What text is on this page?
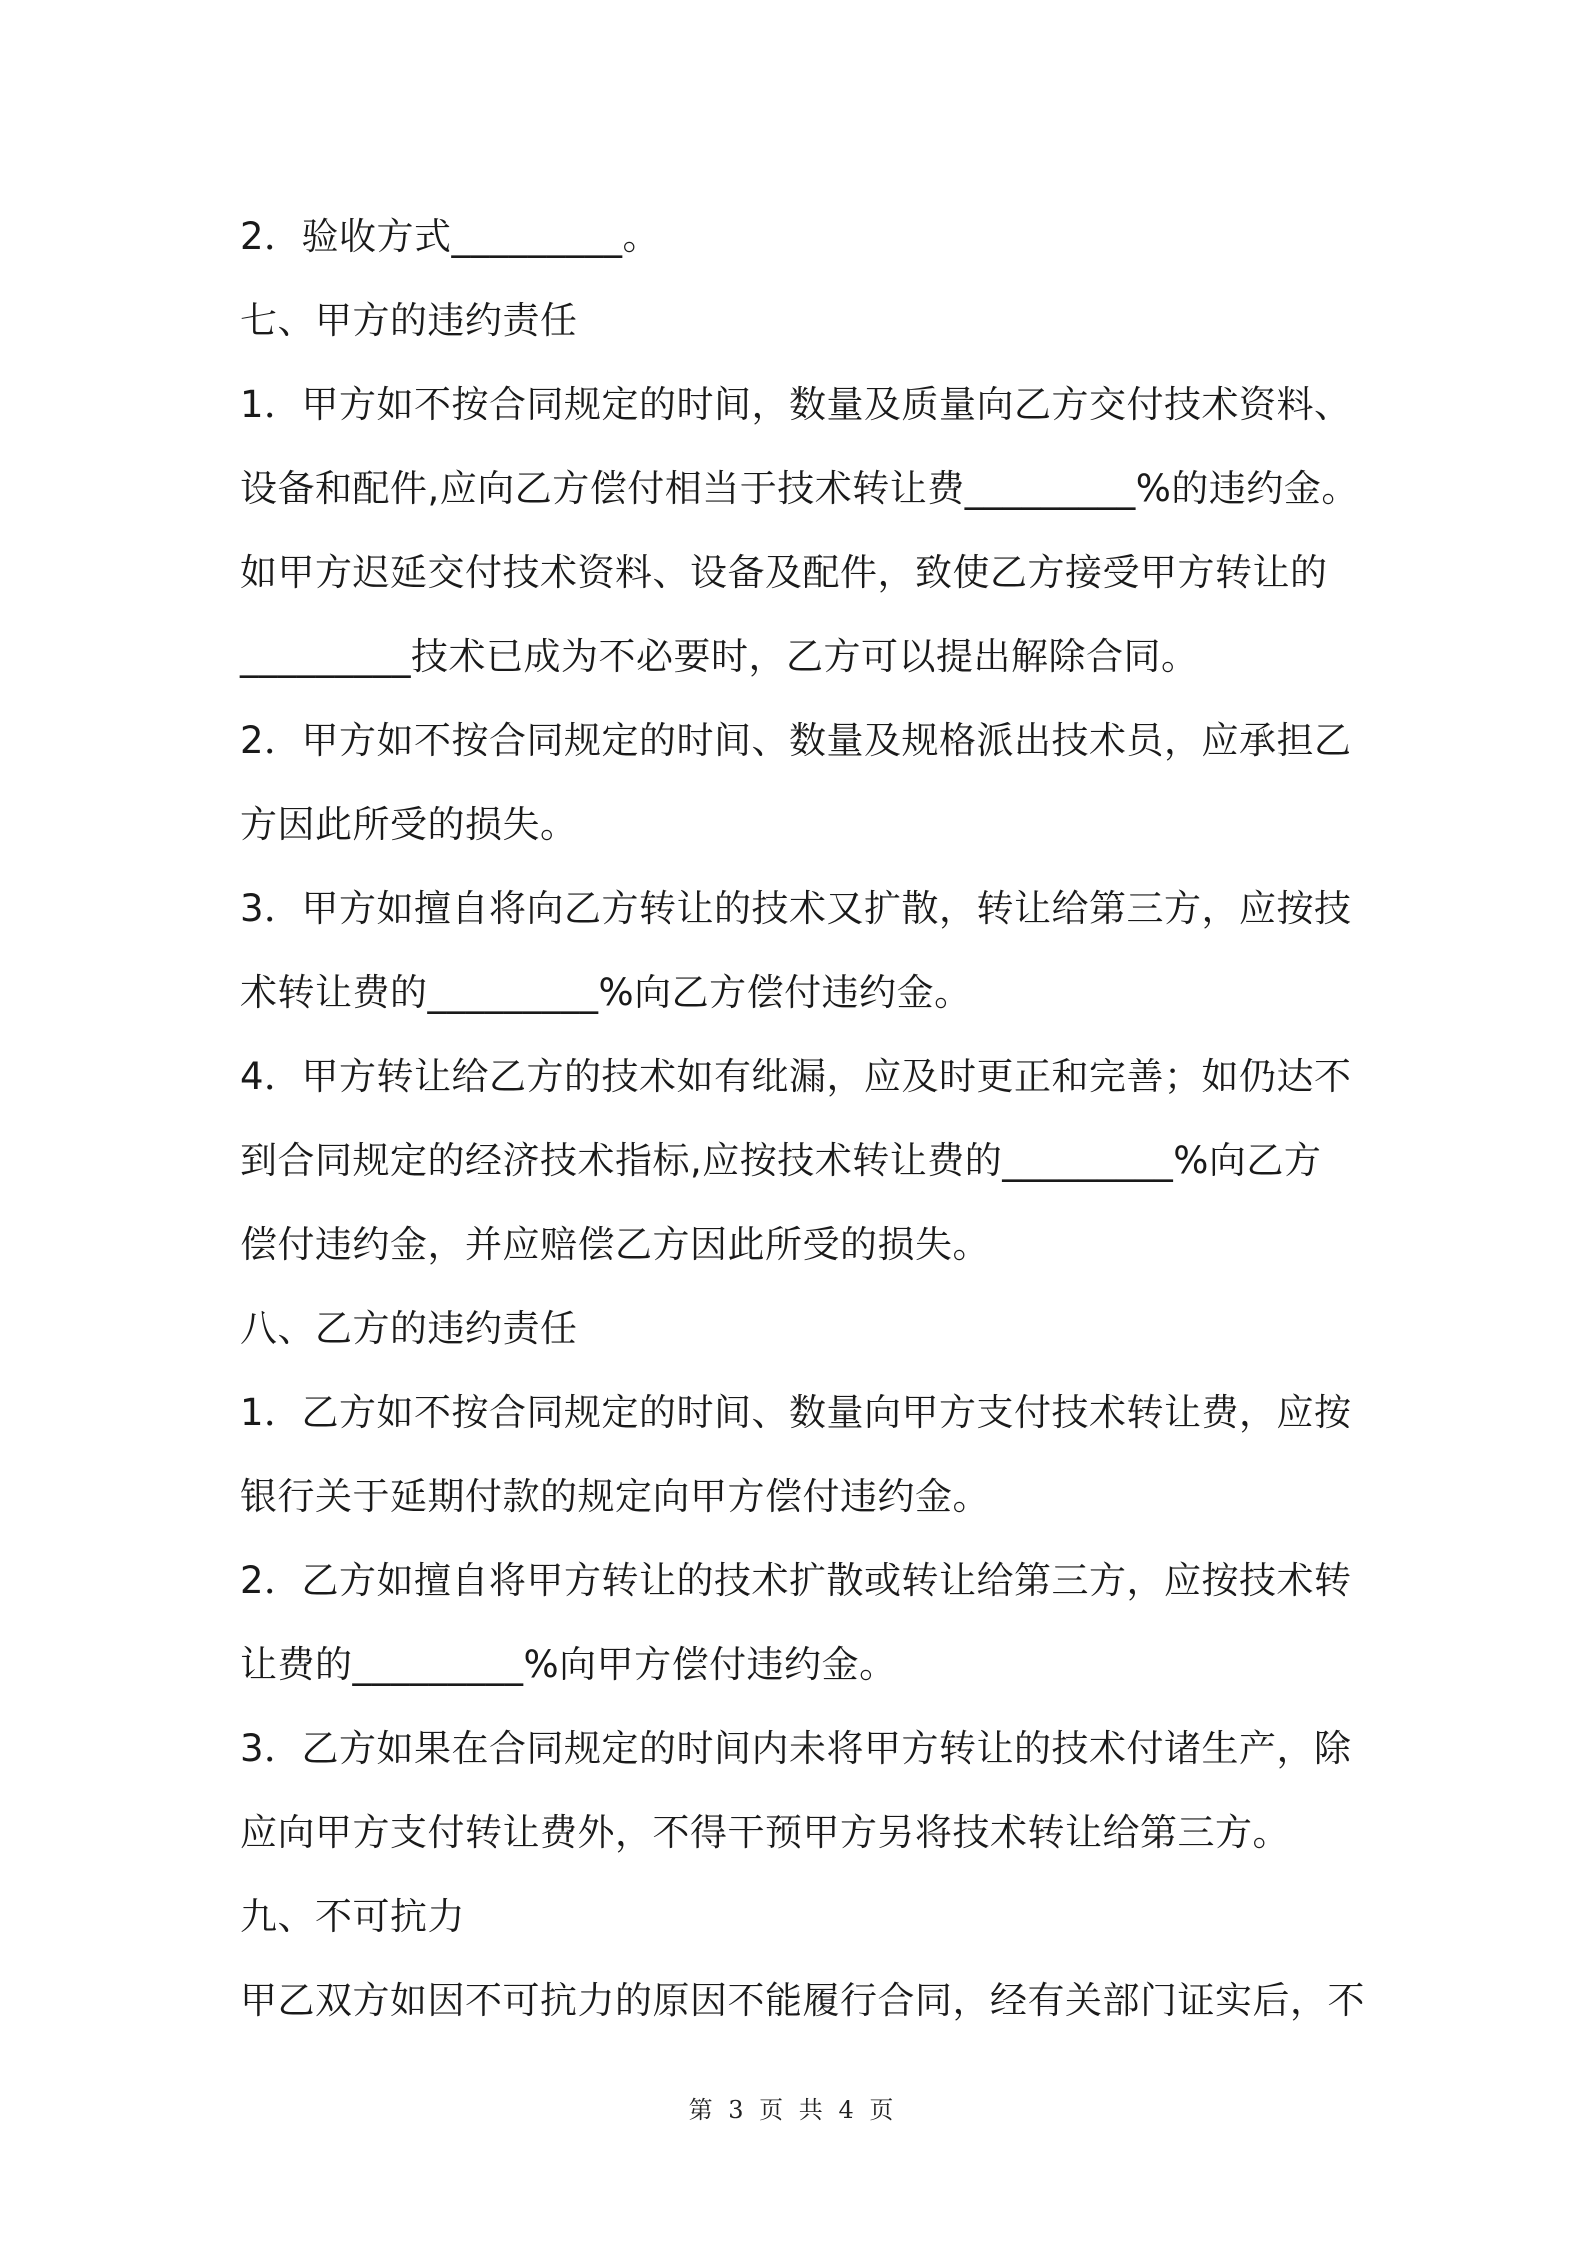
2．验收方式_________。
七、甲方的违约责任
1．甲方如不按合同规定的时间，数量及质量向乙方交付技术资料、
设备和配件,应向乙方偿付相当于技术转让费_________%的违约金。
如甲方迟延交付技术资料、设备及配件，致使乙方接受甲方转让的
_________技术已成为不必要时，乙方可以提出解除合同。
2．甲方如不按合同规定的时间、数量及规格派出技术员，应承担乙
方因此所受的损失。
3．甲方如擅自将向乙方转让的技术又扩散，转让给第三方，应按技
术转让费的_________%向乙方偿付违约金。
4．甲方转让给乙方的技术如有纰漏，应及时更正和完善；如仍达不
到合同规定的经济技术指标,应按技术转让费的_________%向乙方
偿付违约金，并应赔偿乙方因此所受的损失。
八、乙方的违约责任
1．乙方如不按合同规定的时间、数量向甲方支付技术转让费，应按
银行关于延期付款的规定向甲方偿付违约金。
2．乙方如擅自将甲方转让的技术扩散或转让给第三方，应按技术转
让费的_________%向甲方偿付违约金。
3．乙方如果在合同规定的时间内未将甲方转让的技术付诸生产，除
应向甲方支付转让费外，不得干预甲方另将技术转让给第三方。
九、不可抗力
甲乙双方如因不可抗力的原因不能履行合同，经有关部门证实后，不
第 3 页 共 4 页
